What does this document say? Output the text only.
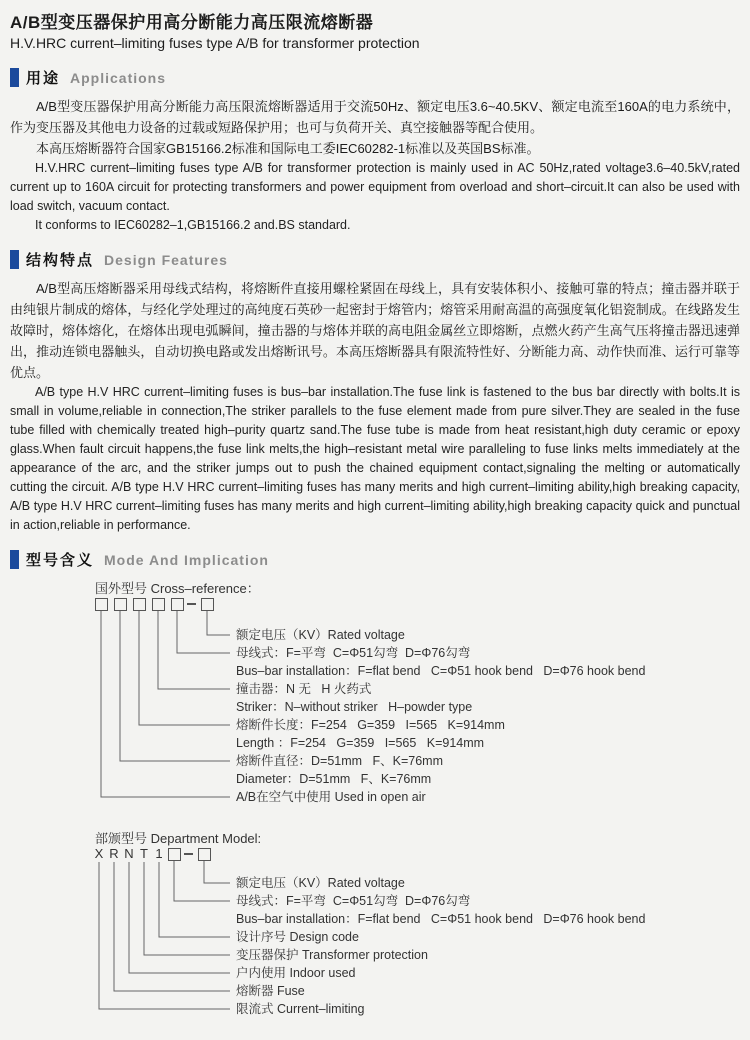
A/B型变压器保护用高分断能力高压限流熔断器
H.V.HRC current–limiting fuses type A/B for transformer protection
用途 Applications

A/B型变压器保护用高分断能力高压限流熔断器适用于交流50Hz、额定电压3.6~40.5KV、额定电流至160A的电力系统中，作为变压器及其他电力设备的过载或短路保护用；也可与负荷开关、真空接触器等配合使用。

本高压熔断器符合国家GB15166.2标准和国际电工委IEC60282-1标准以及英国BS标准。

H.V.HRC current–limiting fuses type A/B for transformer protection is mainly used in AC 50Hz,rated voltage3.6–40.5kV,rated current up to 160A circuit for protecting transformers and power equipment from overload and short–circuit.It can also be used with load switch, vacuum contact.

It conforms to IEC60282–1,GB15166.2 and.BS standard.

结构特点 Design Features

A/B型高压熔断器采用母线式结构，将熔断件直接用螺栓紧固在母线上，具有安装体积小、接触可靠的特点；撞击器并联于由纯银片制成的熔体，与经化学处理过的高纯度石英砂一起密封于熔管内；熔管采用耐高温的高强度氧化铝瓷制成。在线路发生故障时，熔体熔化，在熔体出现电弧瞬间，撞击器的与熔体并联的高电阻金属丝立即熔断，点燃火药产生高气压将撞击器迅速弹出，推动连锁电器触头，自动切换电路或发出熔断讯号。本高压熔断器具有限流特性好、分断能力高、动作快而准、运行可靠等优点。

A/B type H.V HRC current–limiting fuses is bus–bar installation.The fuse link is fastened to the bus bar directly with bolts.It is small in volume,reliable in connection,The striker parallels to the fuse element made from pure silver.They are sealed in the fuse tube filled with chemically treated high–purity quartz sand.The fuse tube is made from heat resistant,high duty ceramic or epoxy glass.When fault circuit happens,the fuse link melts,the high–resistant metal wire paralleling to fuse links melts immediately at the appearance of the arc, and the striker jumps out to push the chained equipment contact,signaling the melting or automatically cutting the circuit. A/B type H.V HRC current–limiting fuses has many merits and high current–limiting ability,high breaking capacity, A/B type H.V HRC current–limiting fuses has many merits and high current–limiting ability,high breaking capacity quick and punctual in action,reliable in performance.

型号含义 Mode And Implication
国外型号 Cross–reference：
额定电压（KV）Rated voltage
母线式：F=平弯  C=Φ51勾弯  D=Φ76勾弯
Bus–bar installation：F=flat bend   C=Φ51 hook bend   D=Φ76 hook bend
撞击器：N 无   H 火药式
Striker：N–without striker   H–powder type
熔断件长度：F=254   G=359   I=565   K=914mm
Length ：F=254   G=359   I=565   K=914mm
熔断件直径：D=51mm   F、K=76mm
Diameter：D=51mm   F、K=76mm
A/B在空气中使用 Used in open air
部颁型号 Department Model:
X R N T 1
额定电压（KV）Rated voltage
母线式：F=平弯  C=Φ51勾弯  D=Φ76勾弯
Bus–bar installation：F=flat bend   C=Φ51 hook bend   D=Φ76 hook bend
设计序号 Design code
变压器保护 Transformer protection
户内使用 Indoor used
熔断器 Fuse
限流式 Current–limiting
